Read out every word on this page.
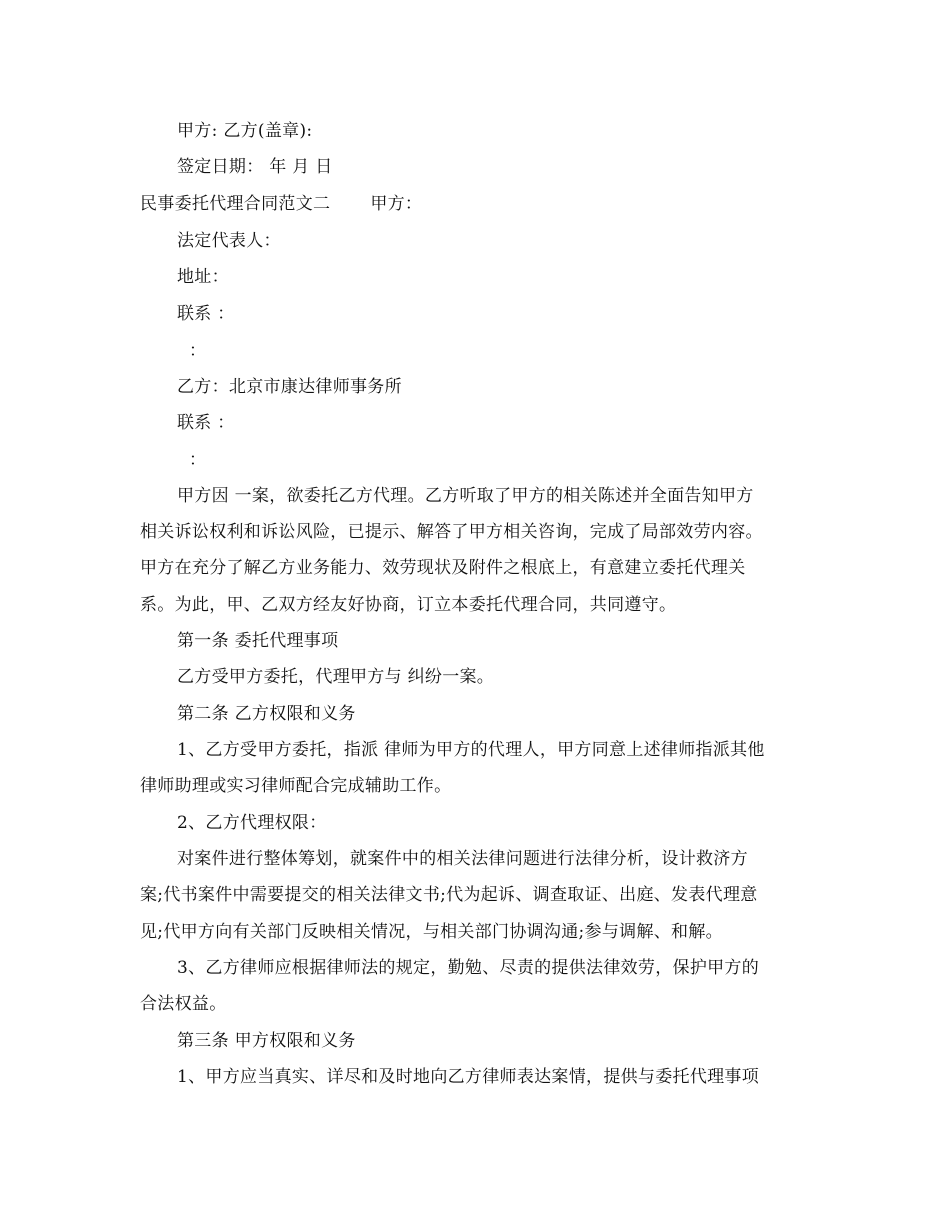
甲方: 乙方(盖章):
签定日期： 年 月 日
民事委托代理合同范文二 甲方：
法定代表人：
地址：
联系 ：
：
乙方：北京市康达律师事务所
联系 ：
：
甲方因 一案，欲委托乙方代理。乙方听取了甲方的相关陈述并全面告知甲方
相关诉讼权利和诉讼风险，已提示、解答了甲方相关咨询，完成了局部效劳内容。
甲方在充分了解乙方业务能力、效劳现状及附件之根底上，有意建立委托代理关
系。为此，甲、乙双方经友好协商，订立本委托代理合同，共同遵守。
第一条 委托代理事项
乙方受甲方委托，代理甲方与 纠纷一案。
第二条 乙方权限和义务
1、乙方受甲方委托，指派 律师为甲方的代理人，甲方同意上述律师指派其他
律师助理或实习律师配合完成辅助工作。
2、乙方代理权限：
对案件进行整体筹划，就案件中的相关法律问题进行法律分析，设计救济方
案;代书案件中需要提交的相关法律文书;代为起诉、调查取证、出庭、发表代理意
见;代甲方向有关部门反映相关情况，与相关部门协调沟通;参与调解、和解。
3、乙方律师应根据律师法的规定，勤勉、尽责的提供法律效劳，保护甲方的
合法权益。
第三条 甲方权限和义务
1、甲方应当真实、详尽和及时地向乙方律师表达案情，提供与委托代理事项
